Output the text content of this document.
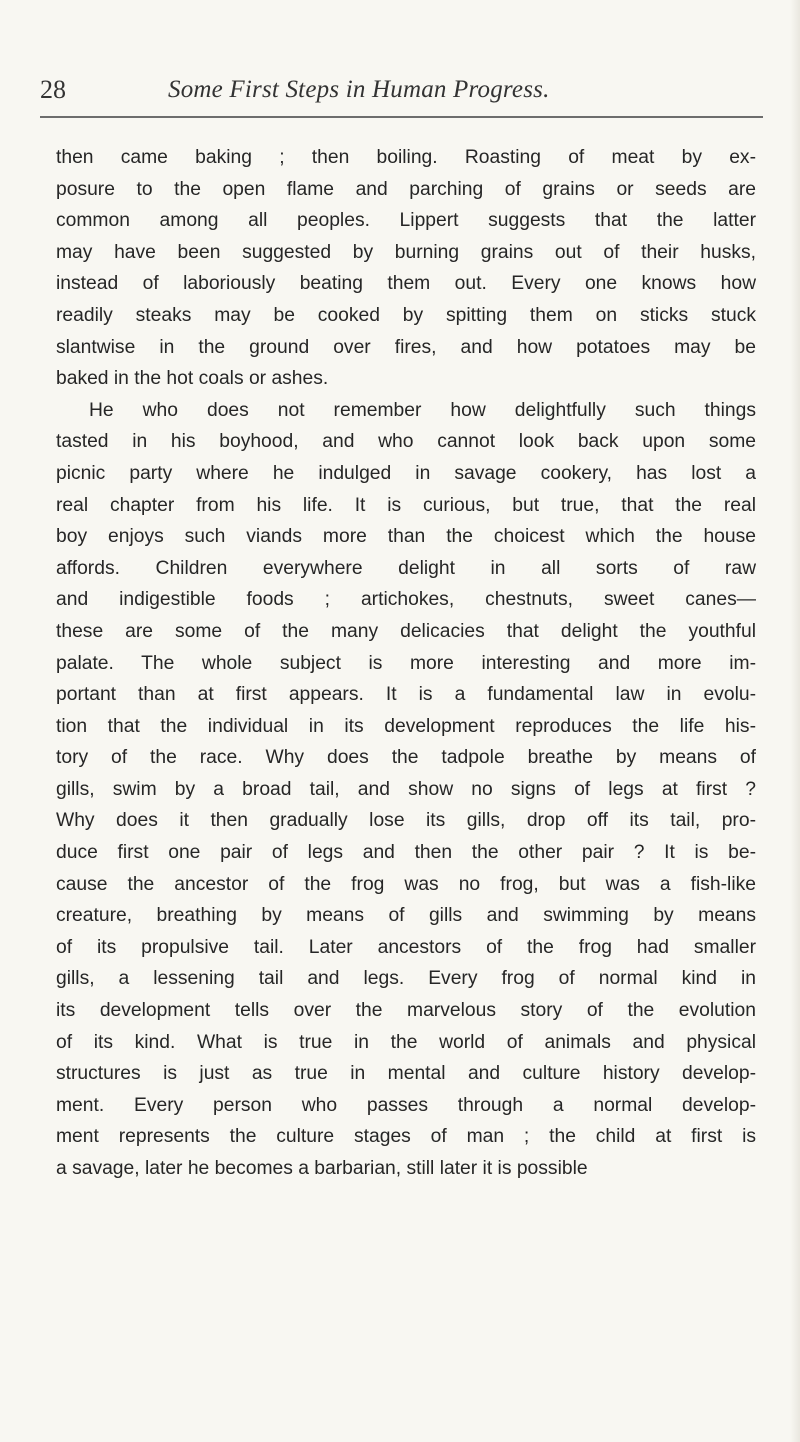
28	Some First Steps in Human Progress.
then came baking ; then boiling. Roasting of meat by ex-
posure to the open flame and parching of grains or seeds are
common among all peoples. Lippert suggests that the latter
may have been suggested by burning grains out of their husks,
instead of laboriously beating them out. Every one knows how
readily steaks may be cooked by spitting them on sticks stuck
slantwise in the ground over fires, and how potatoes may be
baked in the hot coals or ashes.
He who does not remember how delightfully such things
tasted in his boyhood, and who cannot look back upon some
picnic party where he indulged in savage cookery, has lost a
real chapter from his life. It is curious, but true, that the real
boy enjoys such viands more than the choicest which the house
affords. Children everywhere delight in all sorts of raw
and indigestible foods ; artichokes, chestnuts, sweet canes—
these are some of the many delicacies that delight the youthful
palate. The whole subject is more interesting and more im-
portant than at first appears. It is a fundamental law in evolu-
tion that the individual in its development reproduces the life his-
tory of the race. Why does the tadpole breathe by means of
gills, swim by a broad tail, and show no signs of legs at first ?
Why does it then gradually lose its gills, drop off its tail, pro-
duce first one pair of legs and then the other pair ? It is be-
cause the ancestor of the frog was no frog, but was a fish-like
creature, breathing by means of gills and swimming by means
of its propulsive tail. Later ancestors of the frog had smaller
gills, a lessening tail and legs. Every frog of normal kind in
its development tells over the marvelous story of the evolution
of its kind. What is true in the world of animals and physical
structures is just as true in mental and culture history develop-
ment. Every person who passes through a normal develop-
ment represents the culture stages of man ; the child at first is
a savage, later he becomes a barbarian, still later it is possible
